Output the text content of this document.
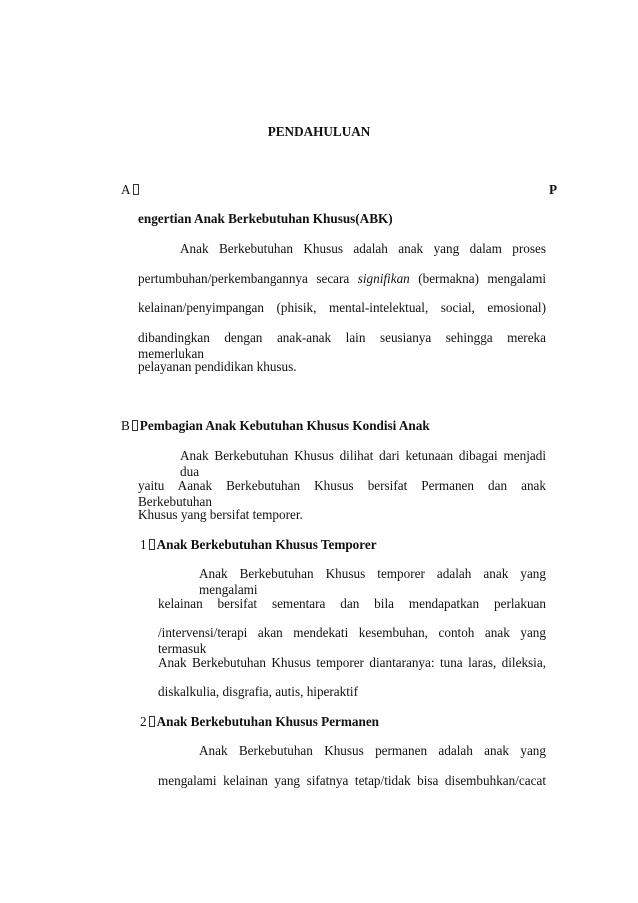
PENDAHULUAN
A	P
engertian Anak Berkebutuhan Khusus(ABK)
Anak Berkebutuhan Khusus adalah anak yang dalam proses
pertumbuhan/perkembangannya secara signifikan (bermakna) mengalami
kelainan/penyimpangan (phisik, mental-intelektual, social, emosional)
dibandingkan dengan anak-anak lain seusianya sehingga mereka memerlukan
pelayanan pendidikan khusus.
B Pembagian Anak Kebutuhan Khusus Kondisi Anak
Anak Berkebutuhan Khusus dilihat dari ketunaan dibagai menjadi dua
yaitu Aanak Berkebutuhan Khusus bersifat Permanen dan anak Berkebutuhan
Khusus yang bersifat temporer.
1 Anak Berkebutuhan Khusus Temporer
Anak Berkebutuhan Khusus temporer adalah anak yang mengalami
kelainan bersifat sementara dan bila mendapatkan perlakuan
/intervensi/terapi akan mendekati kesembuhan, contoh anak yang termasuk
Anak Berkebutuhan Khusus temporer diantaranya: tuna laras, dileksia,
diskalkulia, disgrafia, autis, hiperaktif
2 Anak Berkebutuhan Khusus Permanen
Anak Berkebutuhan Khusus permanen adalah anak yang
mengalami kelainan yang sifatnya tetap/tidak bisa disembuhkan/cacat
